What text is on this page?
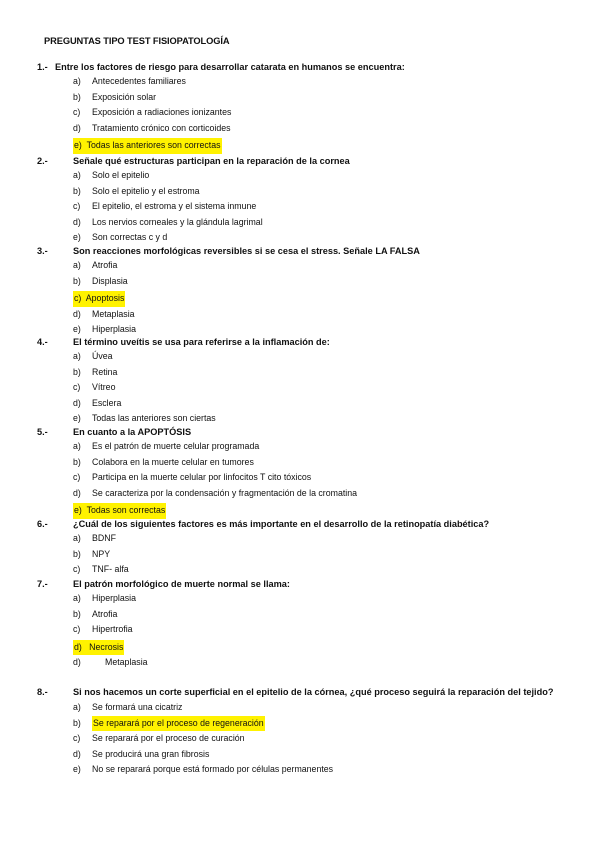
PREGUNTAS TIPO TEST FISIOPATOLOGÍA
1.- Entre los factores de riesgo para desarrollar catarata en humanos se encuentra:
a)	Antecedentes familiares
b)	Exposición solar
c)	Exposición a radiaciones ionizantes
d)	Tratamiento crónico con corticoides
e) Todas las anteriores son correctas
2.-	Señale qué estructuras participan en la reparación de la cornea
a)	Solo el epitelio
b)	Solo el epitelio y el estroma
c)	El epitelio, el estroma y el sistema inmune
d)	Los nervios corneales y la glándula lagrimal
e)	Son correctas c y d
3.-	Son reacciones morfológicas reversibles si se cesa el stress. Señale LA FALSA
a)	Atrofia
b)	Displasia
c) Apoptosis
d)	Metaplasia
e)	Hiperplasia
4.-	El término uveítis se usa para referirse a la inflamación de:
a)	Úvea
b)	Retina
c)	Vítreo
d)	Esclera
e)	Todas las anteriores son ciertas
5.-	En cuanto a la APOPTÓSIS
a)	Es el patrón de muerte celular programada
b)	Colabora en la muerte celular en tumores
c)	Participa en la muerte celular por linfocitos T cito tóxicos
d)	Se caracteriza por la condensación y fragmentación de la cromatina
e) Todas son correctas
6.-	¿Cuál de los siguientes factores es más importante en el desarrollo de la retinopatía diabética?
a)	BDNF
b)	NPY
c)	TNF- alfa
7.-	El patrón morfológico de muerte normal se llama:
a)	Hiperplasia
b)	Atrofia
c)	Hipertrofia
d) Necrosis
d)	Metaplasia
8.-	Si nos hacemos un corte superficial en el epitelio de la córnea, ¿qué proceso seguirá la reparación del tejido?
a)	Se formará una cicatriz
b)	Se reparará por el proceso de regeneración
c)	Se reparará por el proceso de curación
d)	Se producirá una gran fibrosis
e)	No se reparará porque está formado por células permanentes
